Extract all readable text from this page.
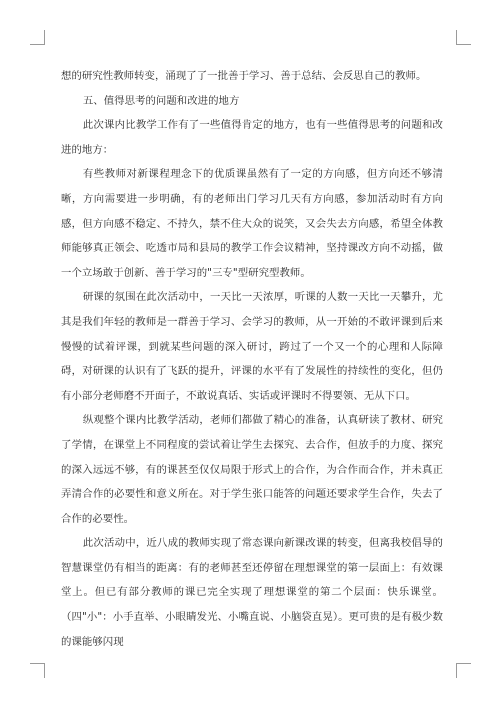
想的研究性教师转变，涌现了了一批善于学习、善于总结、会反思自己的教师。

五、值得思考的问题和改进的地方

此次课内比教学工作有了一些值得肯定的地方，也有一些值得思考的问题和改进的地方：

有些教师对新课程理念下的优质课虽然有了一定的方向感，但方向还不够清晰，方向需要进一步明确，有的老师出门学习几天有方向感，参加活动时有方向感，但方向感不稳定、不持久，禁不住大众的说笑，又会失去方向感，希望全体教师能够真正领会、吃透市局和县局的教学工作会议精神，坚持课改方向不动摇，做一个立场敢于创新、善于学习的"三专"型研究型教师。

研课的氛围在此次活动中，一天比一天浓厚，听课的人数一天比一天攀升，尤其是我们年轻的教师是一群善于学习、会学习的教师，从一开始的不敢评课到后来慢慢的试着评课，到就某些问题的深入研讨，跨过了一个又一个的心理和人际障碍，对研课的认识有了飞跃的提升，评课的水平有了发展性的持续性的变化，但仍有小部分老师磨不开面子，不敢说真话、实话或评课时不得要领、无从下口。

纵观整个课内比教学活动，老师们都做了精心的准备，认真研读了教材、研究了学情，在课堂上不同程度的尝试着让学生去探究、去合作，但放手的力度、探究的深入远远不够，有的课甚至仅仅局限于形式上的合作，为合作而合作，并未真正弄清合作的必要性和意义所在。对于学生张口能答的问题还要求学生合作，失去了合作的必要性。

此次活动中，近八成的教师实现了常态课向新课改课的转变，但离我校倡导的智慧课堂仍有相当的距离：有的老师甚至还停留在理想课堂的第一层面上：有效课堂上。但已有部分教师的课已完全实现了理想课堂的第二个层面：快乐课堂。（四"小"：小手直举、小眼睛发光、小嘴直说、小脑袋直晃）。更可贵的是有极少数的课能够闪现
